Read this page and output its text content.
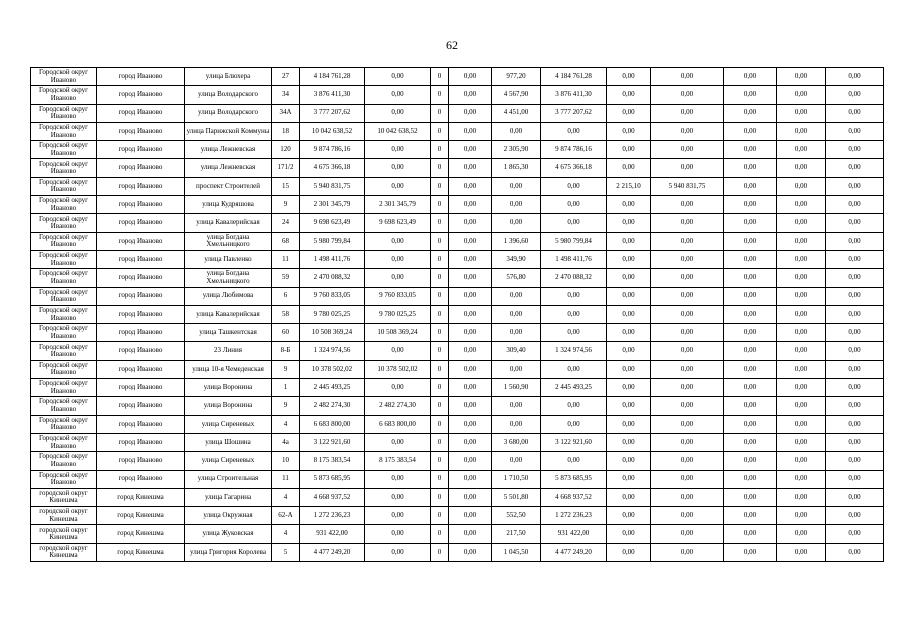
62
Городской округ Иваново	город Иваново	улица Блюхера	27	4 184 761,28	0,00	0	0,00	977,20	4 184 761,28	0,00	0,00	0,00	0,00	0,00
Городской округ Иваново	город Иваново	улица Володарского	34	3 876 411,30	0,00	0	0,00	4 567,90	3 876 411,30	0,00	0,00	0,00	0,00	0,00
Городской округ Иваново	город Иваново	улица Володарского	34А	3 777 207,62	0,00	0	0,00	4 451,00	3 777 207,62	0,00	0,00	0,00	0,00	0,00
Городской округ Иваново	город Иваново	улица Парижской Коммуны	18	10 042 638,52	10 042 638,52	0	0,00	0,00	0,00	0,00	0,00	0,00	0,00	0,00
Городской округ Иваново	город Иваново	улица Лежневская	120	9 874 786,16	0,00	0	0,00	2 305,90	9 874 786,16	0,00	0,00	0,00	0,00	0,00
Городской округ Иваново	город Иваново	улица Лежневская	171/2	4 675 366,18	0,00	0	0,00	1 865,30	4 675 366,18	0,00	0,00	0,00	0,00	0,00
Городской округ Иваново	город Иваново	проспект Строителей	15	5 940 831,75	0,00	0	0,00	0,00	0,00	2 215,10	5 940 831,75	0,00	0,00	0,00
Городской округ Иваново	город Иваново	улица Кудряшова	9	2 301 345,79	2 301 345,79	0	0,00	0,00	0,00	0,00	0,00	0,00	0,00	0,00
Городской округ Иваново	город Иваново	улица Кавалерийская	24	9 698 623,49	9 698 623,49	0	0,00	0,00	0,00	0,00	0,00	0,00	0,00	0,00
Городской округ Иваново	город Иваново	улица Богдана Хмельницкого	68	5 980 799,84	0,00	0	0,00	1 396,60	5 980 799,84	0,00	0,00	0,00	0,00	0,00
Городской округ Иваново	город Иваново	улица Павленко	11	1 498 411,76	0,00	0	0,00	349,90	1 498 411,76	0,00	0,00	0,00	0,00	0,00
Городской округ Иваново	город Иваново	улица Богдана Хмельницкого	59	2 470 088,32	0,00	0	0,00	576,80	2 470 088,32	0,00	0,00	0,00	0,00	0,00
Городской округ Иваново	город Иваново	улица Любимова	6	9 760 833,05	9 760 833,05	0	0,00	0,00	0,00	0,00	0,00	0,00	0,00	0,00
Городской округ Иваново	город Иваново	улица Кавалерийская	58	9 780 025,25	9 780 025,25	0	0,00	0,00	0,00	0,00	0,00	0,00	0,00	0,00
Городской округ Иваново	город Иваново	улица Ташкентская	60	10 508 369,24	10 508 369,24	0	0,00	0,00	0,00	0,00	0,00	0,00	0,00	0,00
Городской округ Иваново	город Иваново	23 Линия	8-Б	1 324 974,56	0,00	0	0,00	309,40	1 324 974,56	0,00	0,00	0,00	0,00	0,00
Городской округ Иваново	город Иваново	улица 10-я Чемеденская	9	10 378 502,02	10 378 502,02	0	0,00	0,00	0,00	0,00	0,00	0,00	0,00	0,00
Городской округ Иваново	город Иваново	улица Воронина	1	2 445 493,25	0,00	0	0,00	1 560,90	2 445 493,25	0,00	0,00	0,00	0,00	0,00
Городской округ Иваново	город Иваново	улица Воронина	9	2 482 274,30	2 482 274,30	0	0,00	0,00	0,00	0,00	0,00	0,00	0,00	0,00
Городской округ Иваново	город Иваново	улица Сиреневых	4	6 683 800,00	6 683 800,00	0	0,00	0,00	0,00	0,00	0,00	0,00	0,00	0,00
Городской округ Иваново	город Иваново	улица Шошина	4а	3 122 921,60	0,00	0	0,00	3 680,00	3 122 921,60	0,00	0,00	0,00	0,00	0,00
Городской округ Иваново	город Иваново	улица Сиреневых	10	8 175 383,54	8 175 383,54	0	0,00	0,00	0,00	0,00	0,00	0,00	0,00	0,00
Городской округ Иваново	город Иваново	улица Строительная	11	5 873 685,95	0,00	0	0,00	1 710,50	5 873 685,95	0,00	0,00	0,00	0,00	0,00
городской округ Кинешма	город Кинешма	улица Гагарина	4	4 668 937,52	0,00	0	0,00	5 501,80	4 668 937,52	0,00	0,00	0,00	0,00	0,00
городской округ Кинешма	город Кинешма	улица Окружная	62-А	1 272 236,23	0,00	0	0,00	552,50	1 272 236,23	0,00	0,00	0,00	0,00	0,00
городской округ Кинешма	город Кинешма	улица Жуковская	4	931 422,00	0,00	0	0,00	217,50	931 422,00	0,00	0,00	0,00	0,00	0,00
городской округ Кинешма	город Кинешма	улица Григория Королева	5	4 477 249,20	0,00	0	0,00	1 045,50	4 477 249,20	0,00	0,00	0,00	0,00	0,00
